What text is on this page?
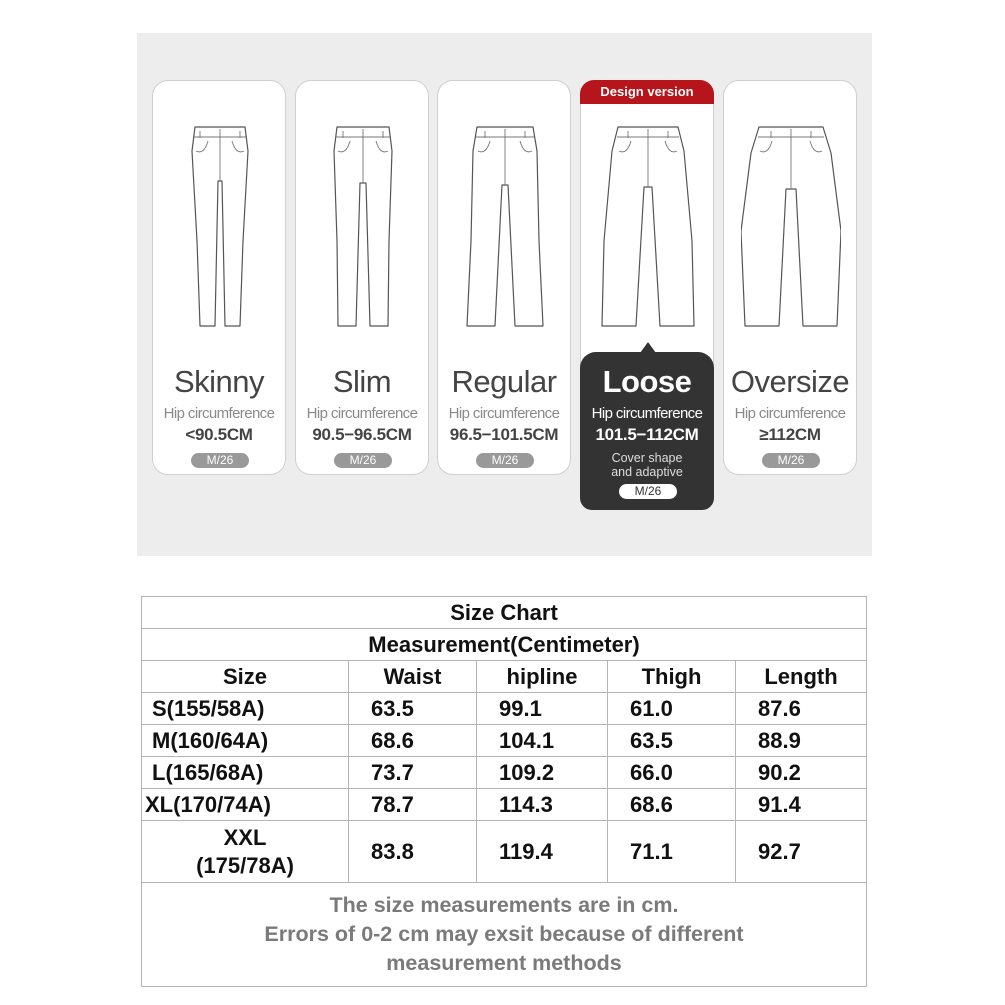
Skinny
Hip circumference
<90.5CM
M/26
Slim
Hip circumference
90.5−96.5CM
M/26
Regular
Hip circumference
96.5−101.5CM
M/26
Design version
Loose
Hip circumference
101.5−112CM
Cover shape
and adaptive
M/26
Oversize
Hip circumference
≥112CM
M/26
Size Chart				
Measurement(Centimeter)				
Size	Waist	hipline	Thigh	Length
S(155/58A)	63.5	99.1	61.0	87.6
M(160/64A)	68.6	104.1	63.5	88.9
L(165/68A)	73.7	109.2	66.0	90.2
XL(170/74A)	78.7	114.3	68.6	91.4

XXL
(175/78A)	83.8	119.4	71.1	92.7

The size measurements are in cm.
Errors of 0-2 cm may exsit because of different
measurement methods				
